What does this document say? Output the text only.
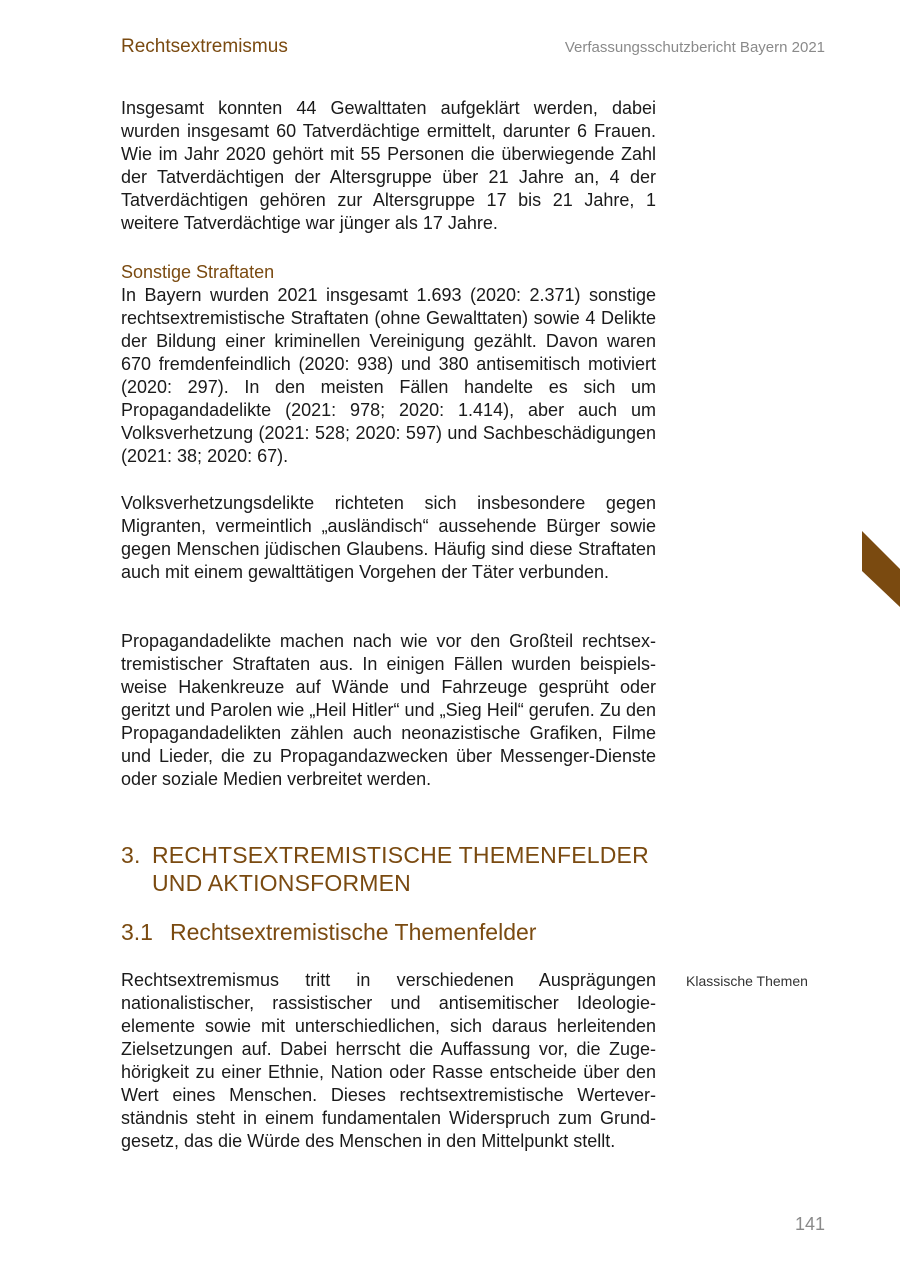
Rechtsextremismus	Verfassungsschutzbericht Bayern 2021

Insgesamt konnten 44 Gewalttaten aufgeklärt werden, dabei wurden insgesamt 60 Tatverdächtige ermittelt, darunter 6 Frauen. Wie im Jahr 2020 gehört mit 55 Personen die überwiegende Zahl der Tatverdächtigen der Altersgruppe über 21 Jahre an, 4 der Tatverdächtigen gehören zur Altersgruppe 17 bis 21 Jahre, 1 weitere Tatverdächtige war jünger als 17 Jahre.

Sonstige Straftaten

In Bayern wurden 2021 insgesamt 1.693 (2020: 2.371) sonstige rechtsextremistische Straftaten (ohne Gewalttaten) sowie 4 Delikte der Bildung einer kriminellen Vereinigung gezählt. Davon waren 670 fremdenfeindlich (2020: 938) und 380 antisemitisch motiviert (2020: 297). In den meisten Fällen handelte es sich um Propagandadelikte (2021: 978; 2020: 1.414), aber auch um Volksverhetzung (2021: 528; 2020: 597) und Sachbeschädigungen (2021: 38; 2020: 67).

Volksverhetzungsdelikte richteten sich insbesondere gegen Migranten, vermeintlich „ausländisch“ aussehende Bürger sowie gegen Menschen jüdischen Glaubens. Häufig sind diese Straftaten auch mit einem gewalttätigen Vorgehen der Täter verbunden.

Propagandadelikte machen nach wie vor den Großteil rechtsextremistischer Straftaten aus. In einigen Fällen wurden beispielsweise Hakenkreuze auf Wände und Fahrzeuge gesprüht oder geritzt und Parolen wie „Heil Hitler“ und „Sieg Heil“ gerufen. Zu den Propagandadelikten zählen auch neonazistische Grafiken, Filme und Lieder, die zu Propagandazwecken über Messenger-Dienste oder soziale Medien verbreitet werden.

3. RECHTSEXTREMISTISCHE THEMENFELDER
UND AKTIONSFORMEN
3.1 Rechtsextremistische Themenfelder

Rechtsextremismus tritt in verschiedenen Ausprägungen nationalistischer, rassistischer und antisemitischer Ideologieelemente sowie mit unterschiedlichen, sich daraus herleitenden Zielsetzungen auf. Dabei herrscht die Auffassung vor, die Zugehörigkeit zu einer Ethnie, Nation oder Rasse entscheide über den Wert eines Menschen. Dieses rechtsextremistische Werteverständnis steht in einem fundamentalen Widerspruch zum Grundgesetz, das die Würde des Menschen in den Mittelpunkt stellt.

Klassische Themen
141
